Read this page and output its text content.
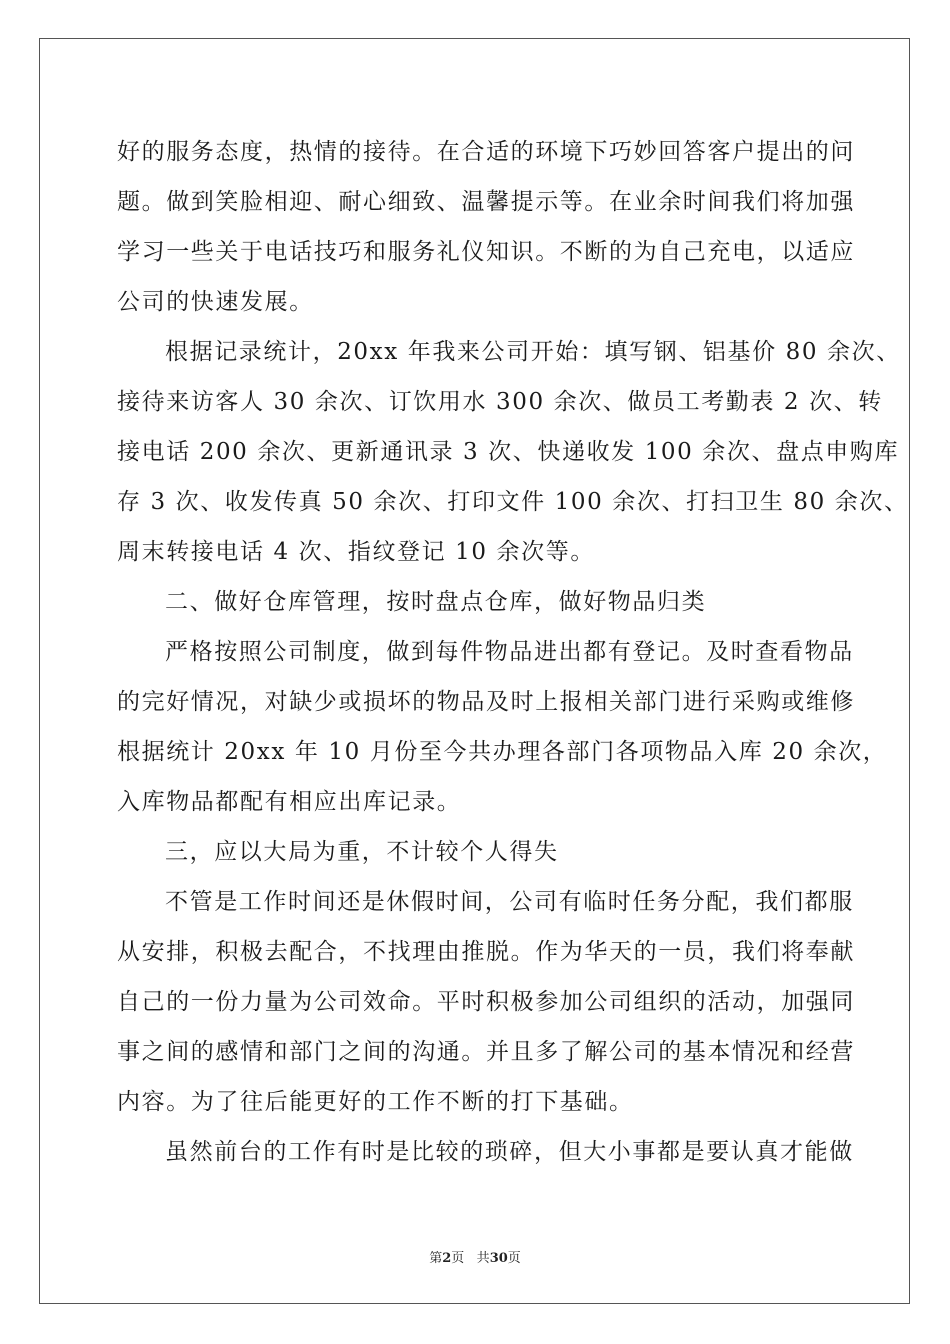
好的服务态度，热情的接待。在合适的环境下巧妙回答客户提出的问
题。做到笑脸相迎、耐心细致、温馨提示等。在业余时间我们将加强
学习一些关于电话技巧和服务礼仪知识。不断的为自己充电，以适应
公司的快速发展。
根据记录统计，20xx 年我来公司开始：填写钢、铝基价 80 余次、
接待来访客人 30 余次、订饮用水 300 余次、做员工考勤表 2 次、转
接电话 200 余次、更新通讯录 3 次、快递收发 100 余次、盘点申购库
存 3 次、收发传真 50 余次、打印文件 100 余次、打扫卫生 80 余次、
周末转接电话 4 次、指纹登记 10 余次等。
二、做好仓库管理，按时盘点仓库，做好物品归类
严格按照公司制度，做到每件物品进出都有登记。及时查看物品
的完好情况，对缺少或损坏的物品及时上报相关部门进行采购或维修
根据统计 20xx 年 10 月份至今共办理各部门各项物品入库 20 余次，
入库物品都配有相应出库记录。
三，应以大局为重，不计较个人得失
不管是工作时间还是休假时间，公司有临时任务分配，我们都服
从安排，积极去配合，不找理由推脱。作为华天的一员，我们将奉献
自己的一份力量为公司效命。平时积极参加公司组织的活动，加强同
事之间的感情和部门之间的沟通。并且多了解公司的基本情况和经营
内容。为了往后能更好的工作不断的打下基础。
虽然前台的工作有时是比较的琐碎，但大小事都是要认真才能做
第2页 共30页
